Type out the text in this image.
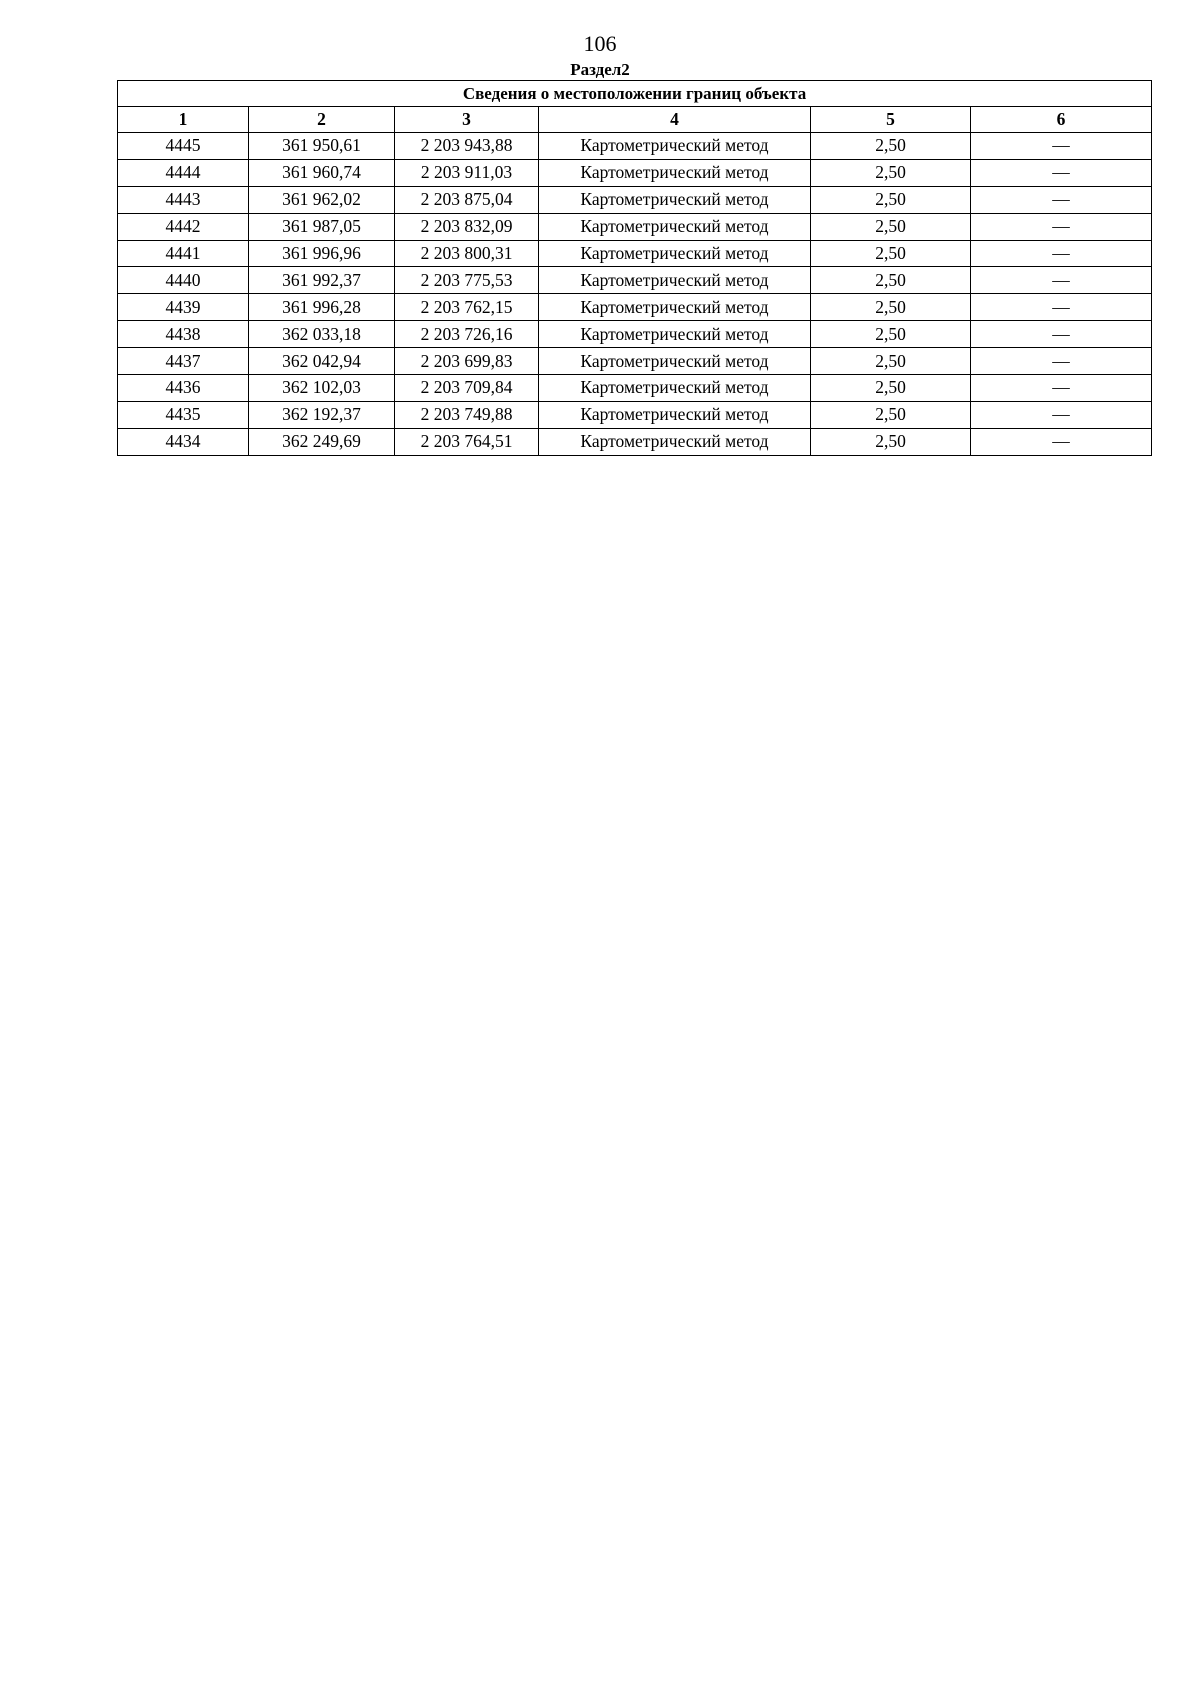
106
Раздел2
Сведения о местоположении границ объекта					
1	2	3	4	5	6
4445	361 950,61	2 203 943,88	Картометрический метод	2,50	—
4444	361 960,74	2 203 911,03	Картометрический метод	2,50	—
4443	361 962,02	2 203 875,04	Картометрический метод	2,50	—
4442	361 987,05	2 203 832,09	Картометрический метод	2,50	—
4441	361 996,96	2 203 800,31	Картометрический метод	2,50	—
4440	361 992,37	2 203 775,53	Картометрический метод	2,50	—
4439	361 996,28	2 203 762,15	Картометрический метод	2,50	—
4438	362 033,18	2 203 726,16	Картометрический метод	2,50	—
4437	362 042,94	2 203 699,83	Картометрический метод	2,50	—
4436	362 102,03	2 203 709,84	Картометрический метод	2,50	—
4435	362 192,37	2 203 749,88	Картометрический метод	2,50	—
4434	362 249,69	2 203 764,51	Картометрический метод	2,50	—
